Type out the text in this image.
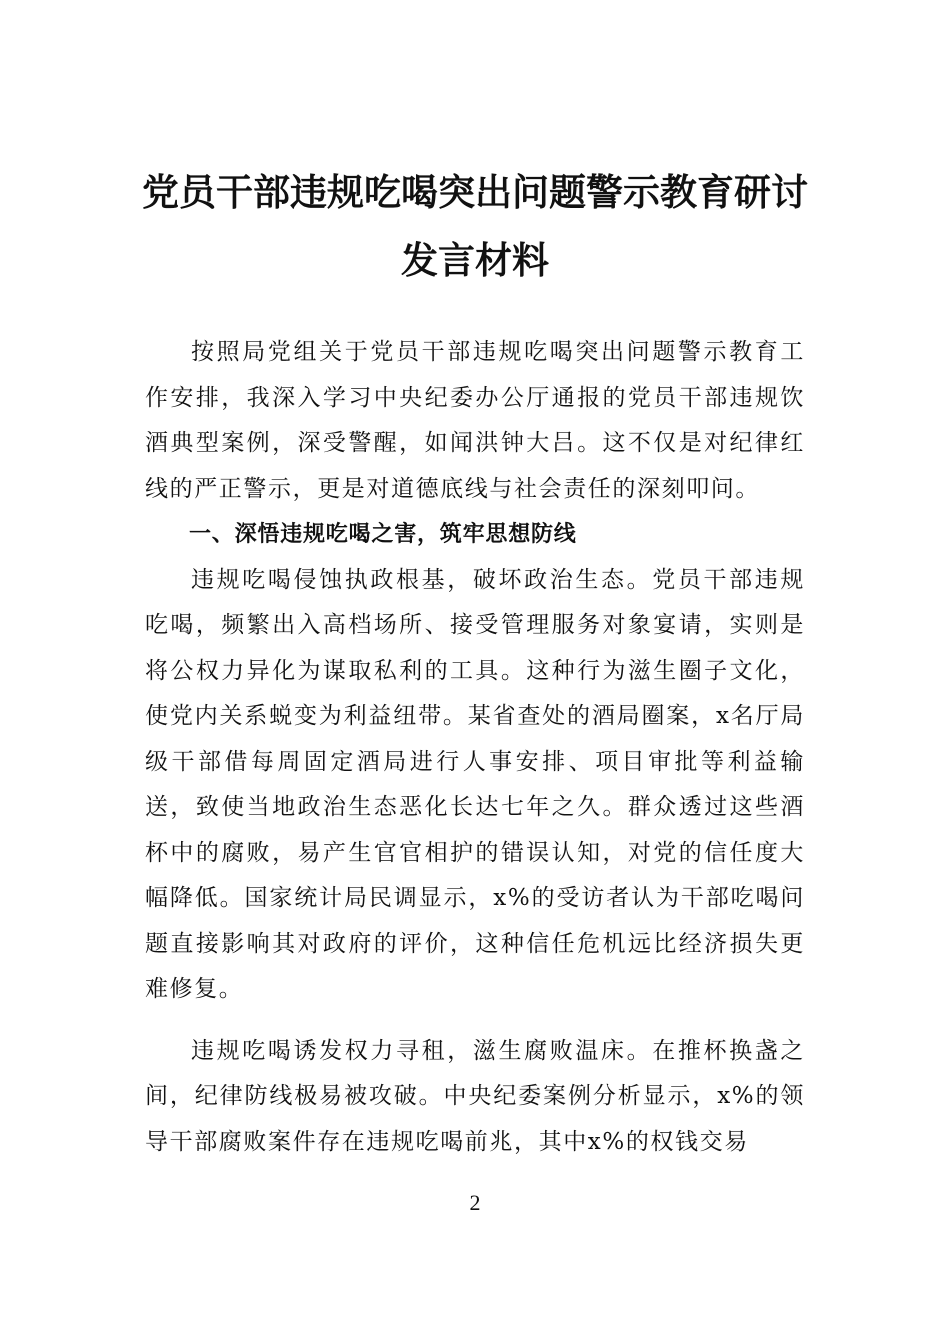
党员干部违规吃喝突出问题警示教育研讨
发言材料

按照局党组关于党员干部违规吃喝突出问题警示教育工作安排，我深入学习中央纪委办公厅通报的党员干部违规饮酒典型案例，深受警醒，如闻洪钟大吕。这不仅是对纪律红线的严正警示，更是对道德底线与社会责任的深刻叩问。

一、深悟违规吃喝之害，筑牢思想防线

违规吃喝侵蚀执政根基，破坏政治生态。党员干部违规吃喝，频繁出入高档场所、接受管理服务对象宴请，实则是将公权力异化为谋取私利的工具。这种行为滋生圈子文化，使党内关系蜕变为利益纽带。某省查处的酒局圈案，x名厅局级干部借每周固定酒局进行人事安排、项目审批等利益输送，致使当地政治生态恶化长达七年之久。群众透过这些酒杯中的腐败，易产生官官相护的错误认知，对党的信任度大幅降低。国家统计局民调显示，x%的受访者认为干部吃喝问题直接影响其对政府的评价，这种信任危机远比经济损失更难修复。

违规吃喝诱发权力寻租，滋生腐败温床。在推杯换盏之间，纪律防线极易被攻破。中央纪委案例分析显示，x%的领导干部腐败案件存在违规吃喝前兆，其中x%的权钱交易

2
